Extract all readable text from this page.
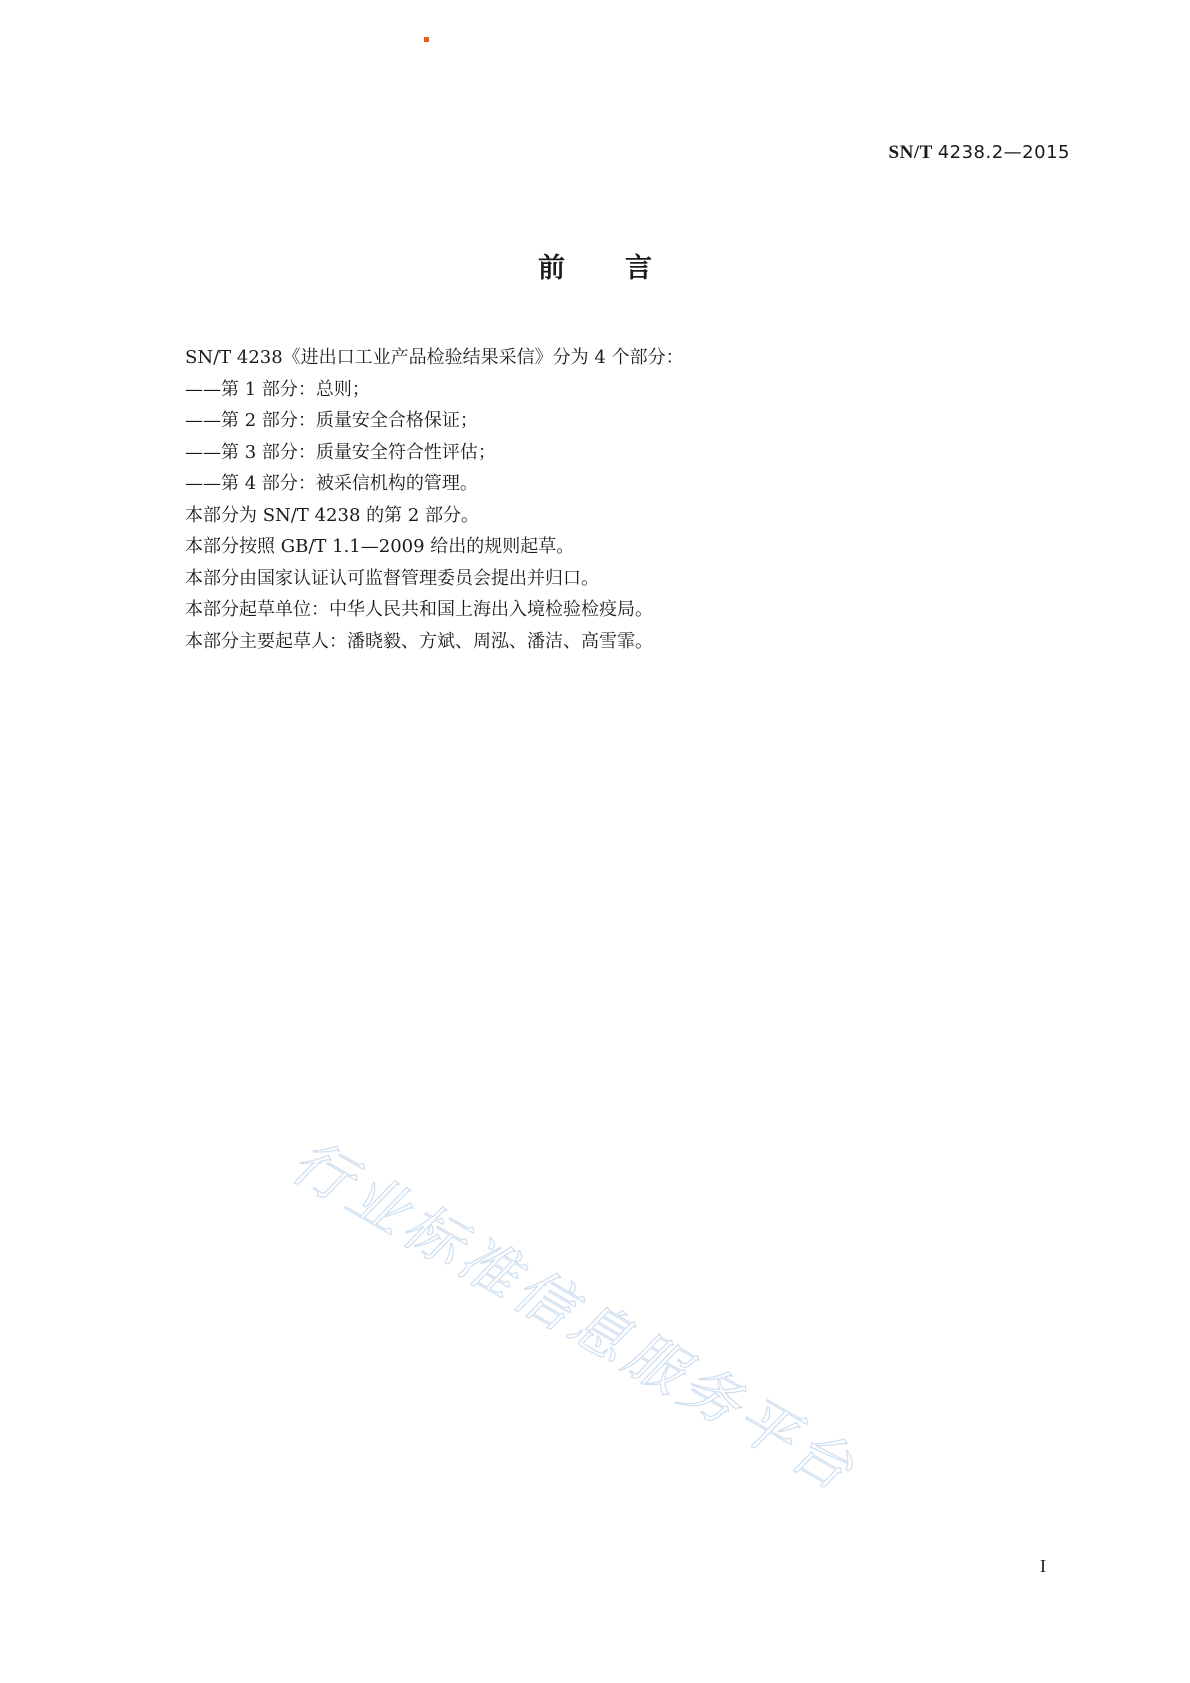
SN/T 4238.2—2015
前言
SN/T 4238《进出口工业产品检验结果采信》分为 4 个部分：
——第 1 部分：总则；
——第 2 部分：质量安全合格保证；
——第 3 部分：质量安全符合性评估；
——第 4 部分：被采信机构的管理。
本部分为 SN/T 4238 的第 2 部分。
本部分按照 GB/T 1.1—2009 给出的规则起草。
本部分由国家认证认可监督管理委员会提出并归口。
本部分起草单位：中华人民共和国上海出入境检验检疫局。
本部分主要起草人：潘晓毅、方斌、周泓、潘洁、高雪霏。
行业标准信息服务平台
I
